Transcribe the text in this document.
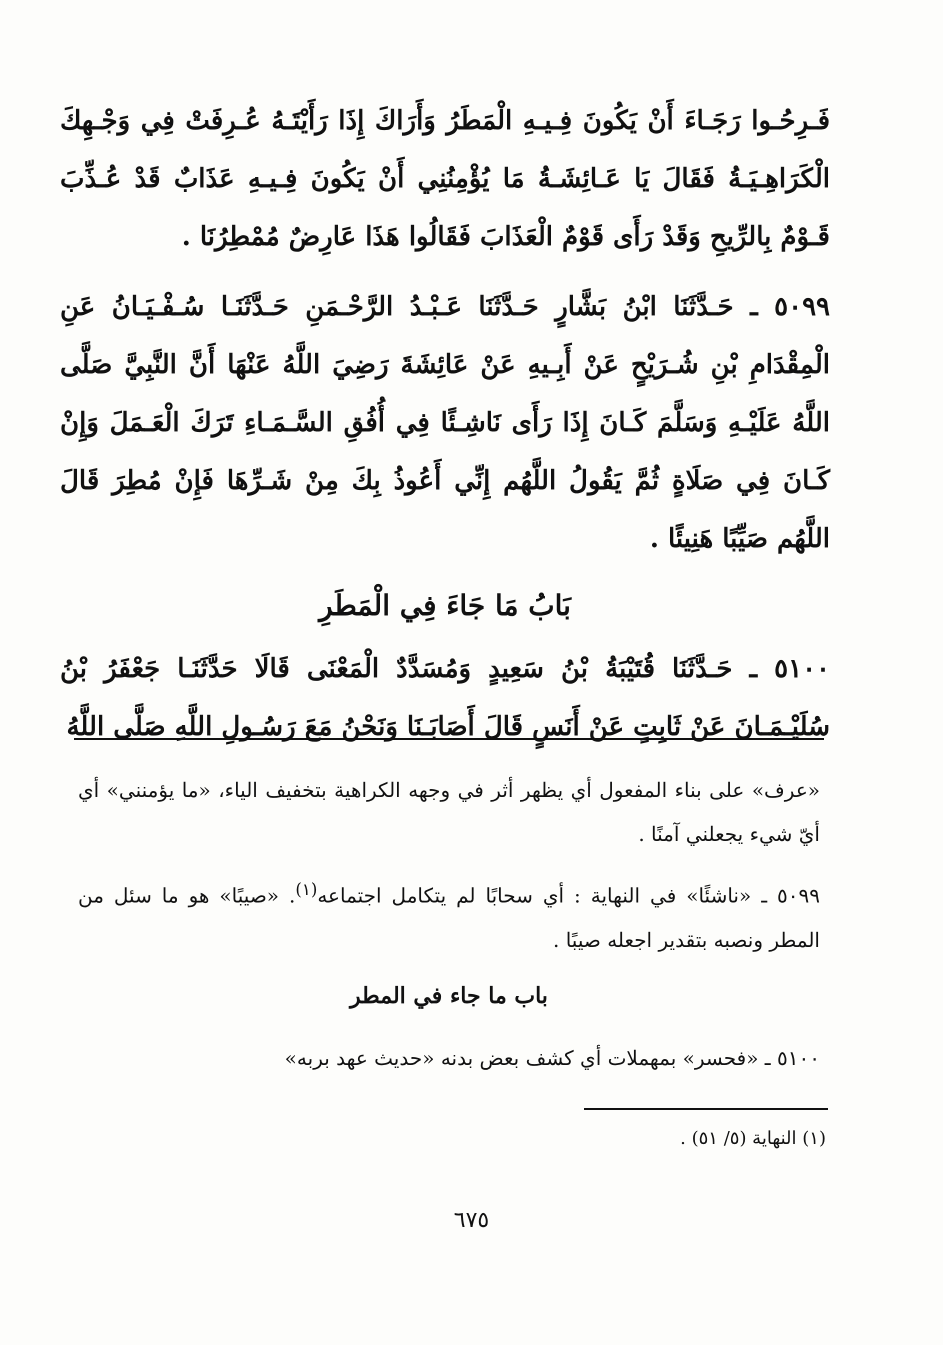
فَـرِحُـوا رَجَـاءَ أَنْ يَكُونَ فِـيـهِ الْمَطَرُ وَأَرَاكَ إِذَا رَأَيْتَـهُ عُـرِفَتْ فِي وَجْـهِكَ الْكَرَاهِـيَـةُ فَقَالَ يَا عَـائِشَـةُ مَا يُؤْمِنُنِي أَنْ يَكُونَ فِـيـهِ عَذَابٌ قَدْ عُـذِّبَ قَـوْمٌ بِالرِّيحِ وَقَدْ رَأَى قَوْمٌ الْعَذَابَ فَقَالُوا هَذَا عَارِضٌ مُمْطِرُنَا .

٥٠٩٩ ـ حَـدَّثَنَا ابْنُ بَشَّارٍ حَـدَّثَنَا عَـبْـدُ الرَّحْـمَنِ حَـدَّثَنَـا سُـفْـيَـانُ عَنِ الْمِقْدَامِ بْنِ شُـرَيْحٍ عَنْ أَبِـيهِ عَنْ عَائِشَةَ رَضِيَ اللَّهُ عَنْهَا أَنَّ النَّبِيَّ صَلَّى اللَّهُ عَلَيْـهِ وَسَلَّمَ كَـانَ إِذَا رَأَى نَاشِـئًا فِي أُفُقِ السَّـمَـاءِ تَرَكَ الْعَـمَلَ وَإِنْ كَـانَ فِي صَلَاةٍ ثُمَّ يَقُولُ اللَّهُم إِنِّي أَعُوذُ بِكَ مِنْ شَـرِّهَا فَإِنْ مُطِرَ قَالَ اللَّهُم صَيِّبًا هَنِيئًا .

بَابُ مَا جَاءَ فِي الْمَطَرِ

٥١٠٠ ـ حَـدَّثَنَا قُتَيْبَةُ بْنُ سَعِيدٍ وَمُسَدَّدٌ الْمَعْنَى قَالَا حَدَّثَنَـا جَعْفَرُ بْنُ سُلَيْـمَـانَ عَنْ ثَابِتٍ عَنْ أَنَسٍ قَالَ أَصَابَـنَا وَنَحْنُ مَعَ رَسُـولِ اللَّهِ صَلَّى اللَّهُ

«عرف» على بناء المفعول أي يظهر أثر في وجهه الكراهية بتخفيف الياء، «ما يؤمنني» أي أيّ شيء يجعلني آمنًا .

٥٠٩٩ ـ «ناشئًا» في النهاية : أي سحابًا لم يتكامل اجتماعه$^{(١)}$. «صيبًا» هو ما سئل من المطر ونصبه بتقدير اجعله صيبًا .

باب ما جاء في المطر

٥١٠٠ ـ «فحسر» بمهملات أي كشف بعض بدنه «حديث عهد بربه»

(١) النهاية (٥/ ٥١) .
٦٧٥
